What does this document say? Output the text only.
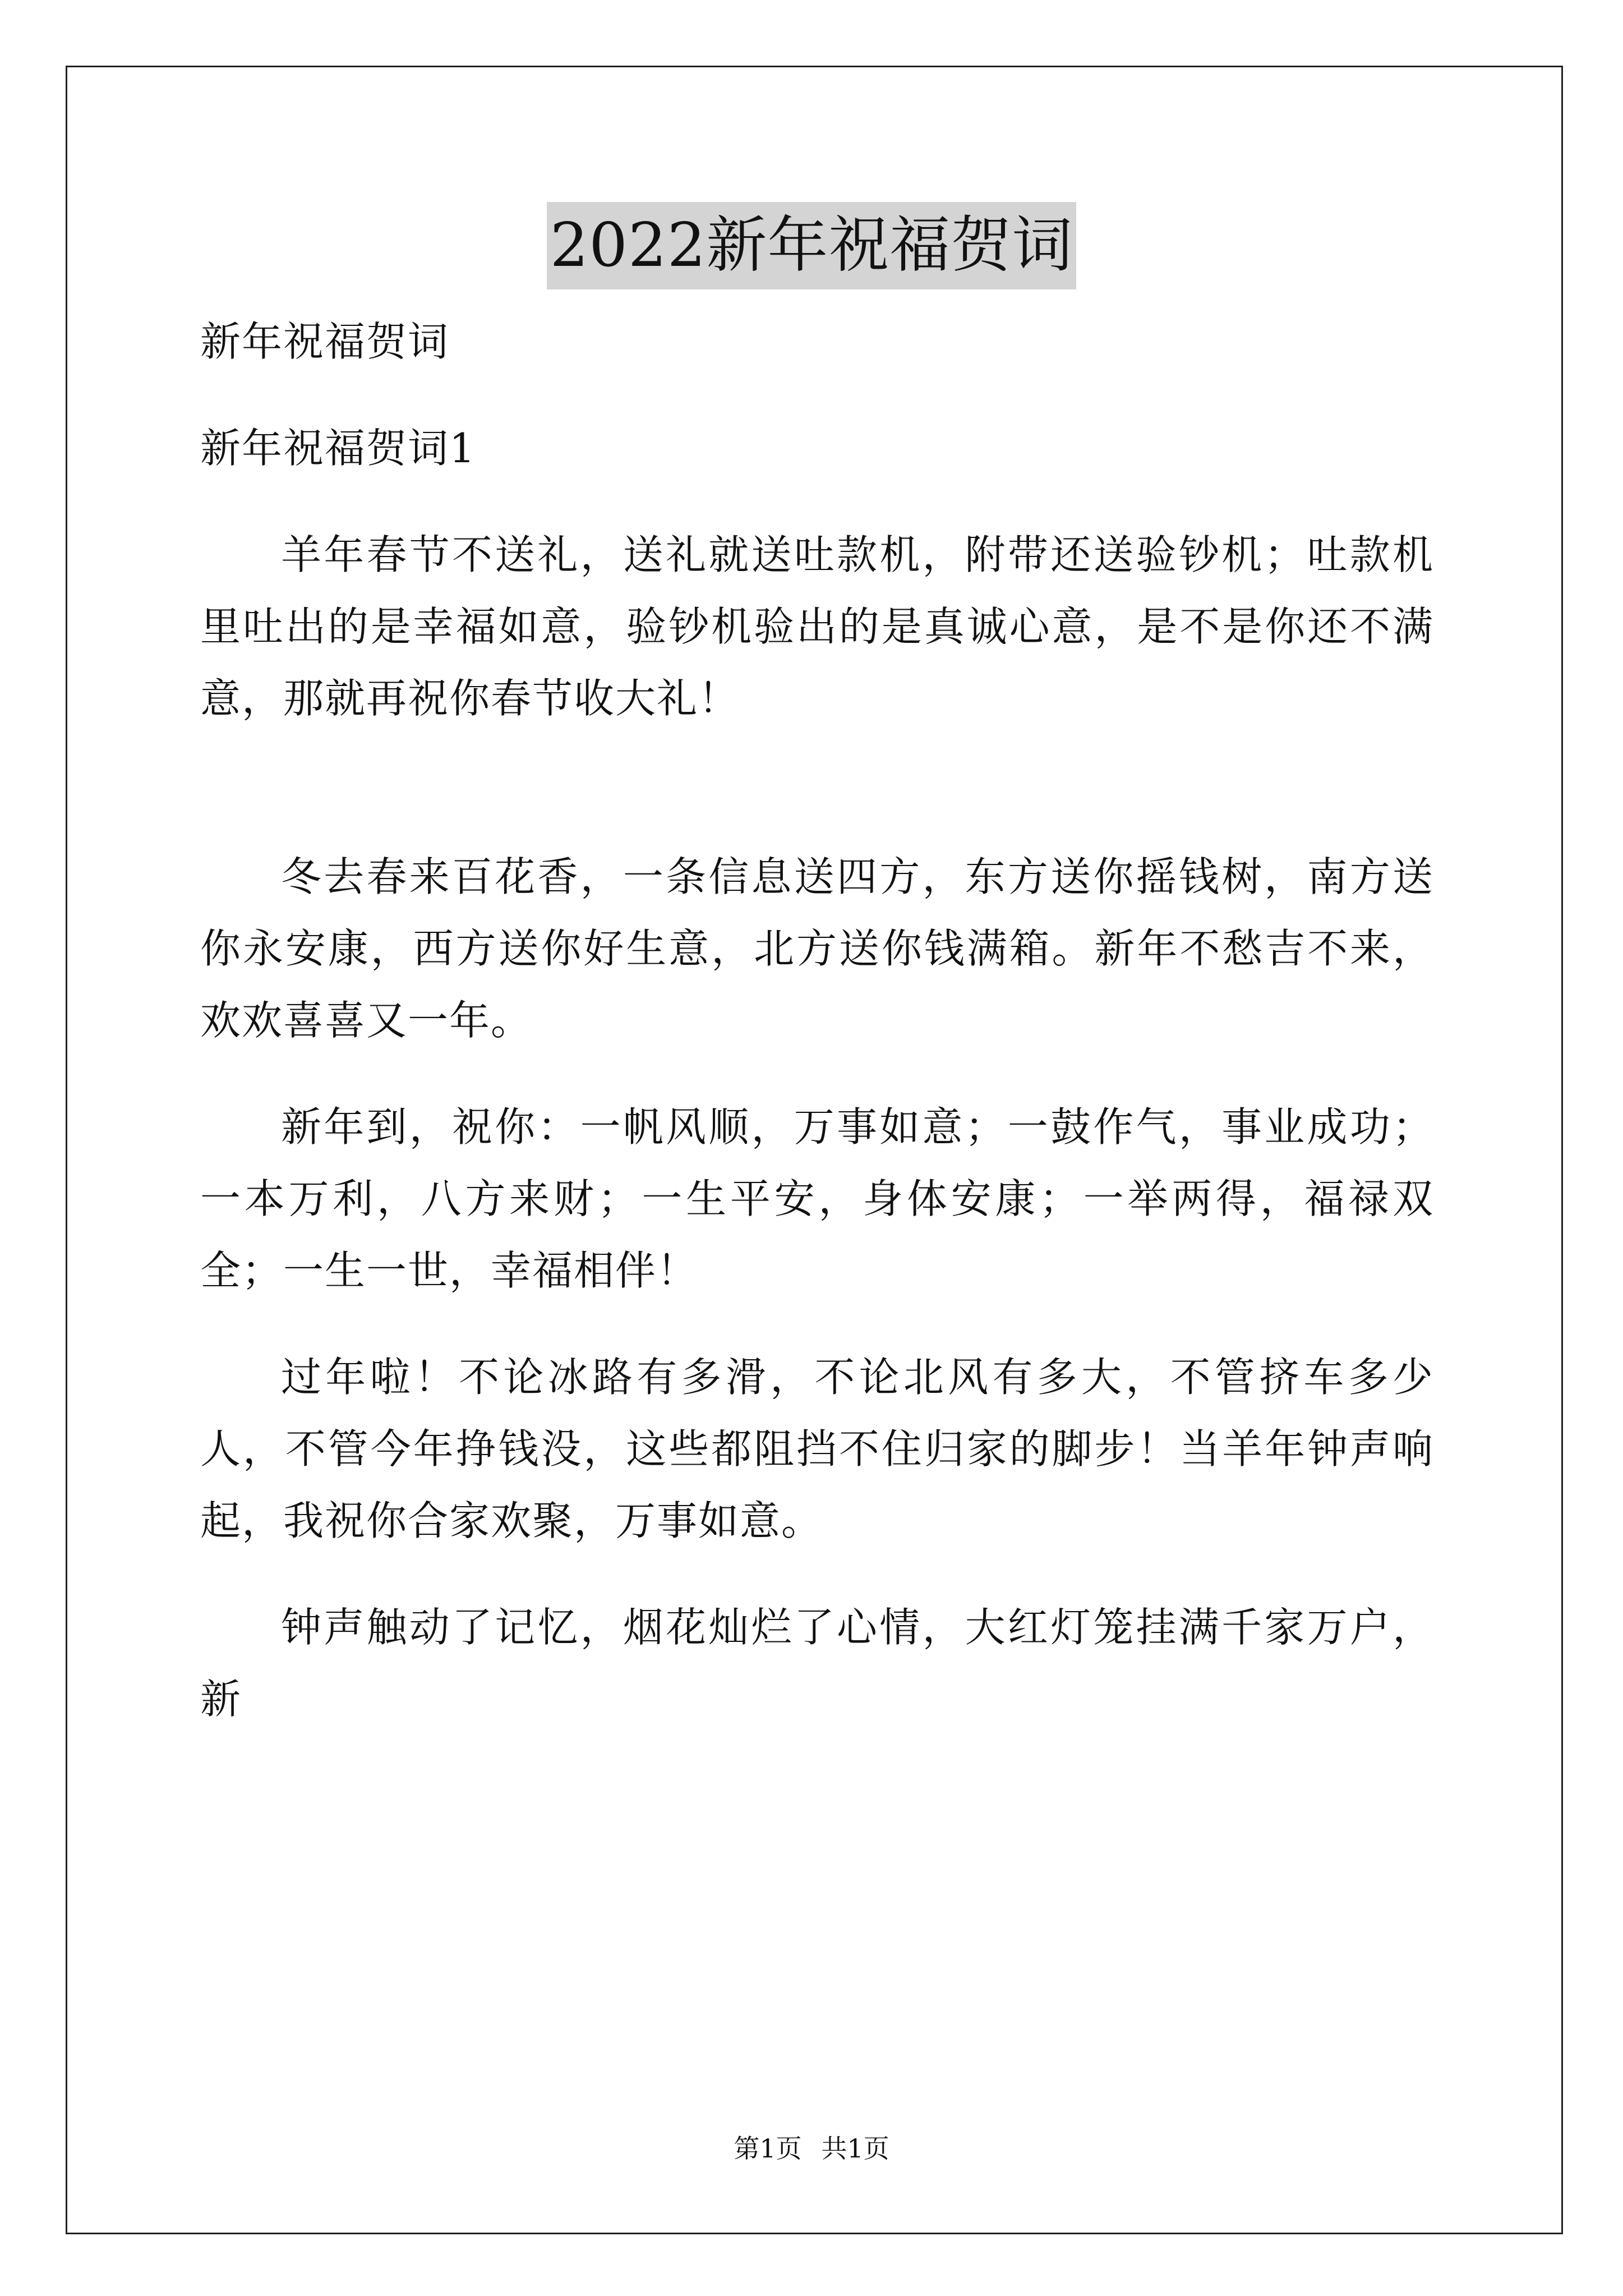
2022新年祝福贺词

新年祝福贺词

新年祝福贺词1

羊年春节不送礼，送礼就送吐款机，附带还送验钞机；吐款机里吐出的是幸福如意，验钞机验出的是真诚心意，是不是你还不满意，那就再祝你春节收大礼！

冬去春来百花香，一条信息送四方，东方送你摇钱树，南方送你永安康，西方送你好生意，北方送你钱满箱。新年不愁吉不来，欢欢喜喜又一年。

新年到，祝你：一帆风顺，万事如意；一鼓作气，事业成功；一本万利，八方来财；一生平安，身体安康；一举两得，福禄双全；一生一世，幸福相伴！

过年啦！不论冰路有多滑，不论北风有多大，不管挤车多少人，不管今年挣钱没，这些都阻挡不住归家的脚步！当羊年钟声响起，我祝你合家欢聚，万事如意。

钟声触动了记忆，烟花灿烂了心情，大红灯笼挂满千家万户，新

第1页 共1页
